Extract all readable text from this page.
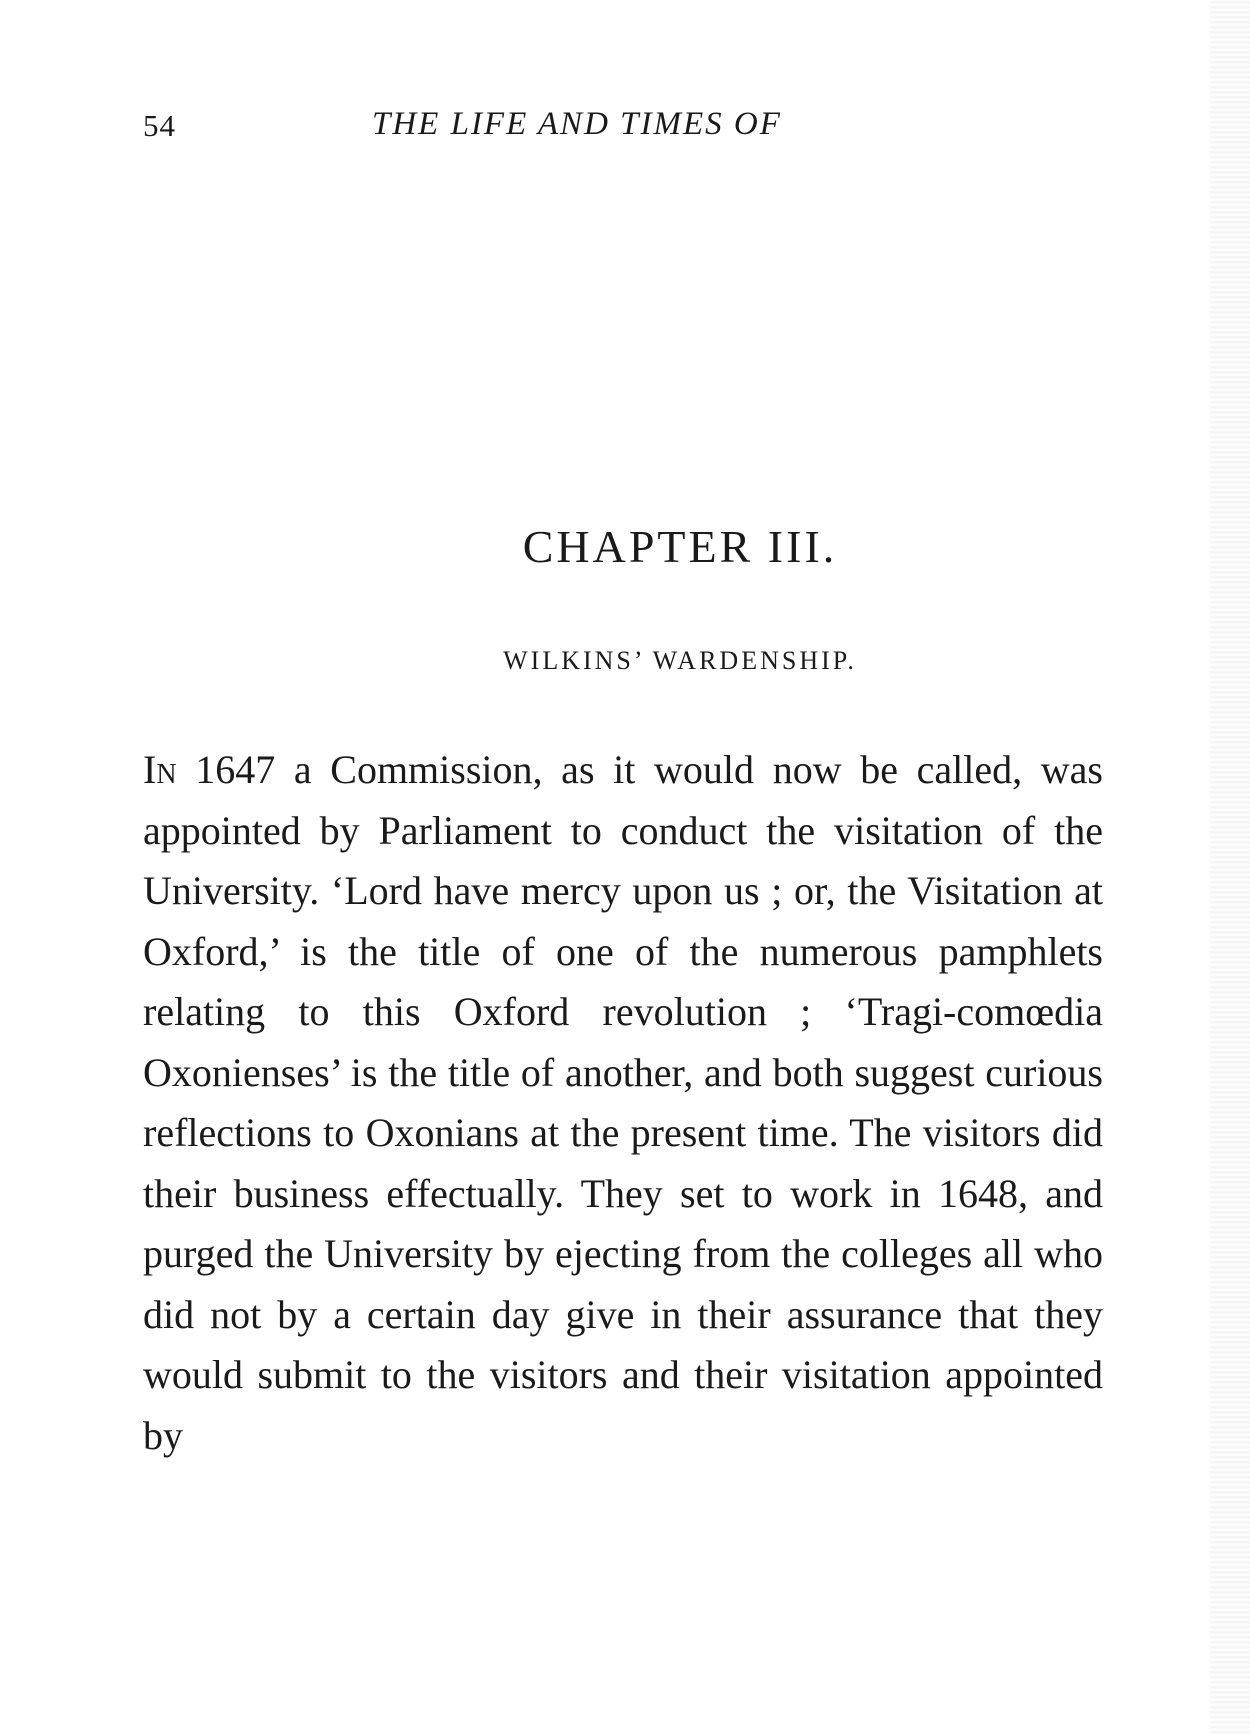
54	THE LIFE AND TIMES OF
CHAPTER III.
WILKINS’ WARDENSHIP.

In 1647 a Commission, as it would now be called, was appointed by Parliament to conduct the visitation of the University. ‘Lord have mercy upon us ; or, the Visitation at Oxford,’ is the title of one of the numerous pamphlets relating to this Oxford revolution ; ‘Tragi-comœdia Oxonienses’ is the title of another, and both suggest curious reflections to Oxonians at the present time. The visitors did their business effectually. They set to work in 1648, and purged the University by ejecting from the colleges all who did not by a certain day give in their assurance that they would submit to the visitors and their visitation appointed by
